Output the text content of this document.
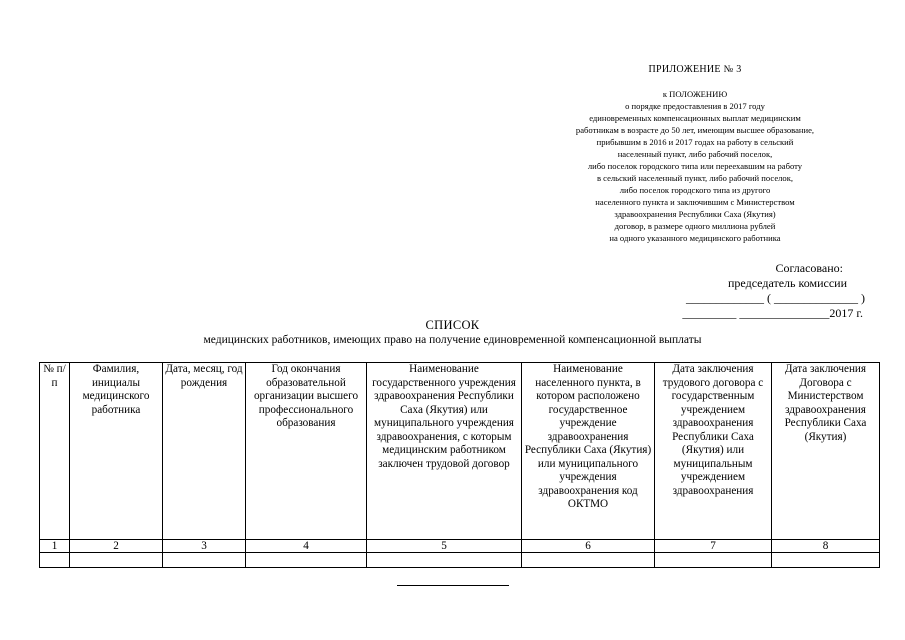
ПРИЛОЖЕНИЕ № 3
к ПОЛОЖЕНИЮ
о порядке предоставления в 2017 году
единовременных компенсационных выплат медицинским
работникам в возрасте до 50 лет, имеющим высшее образование,
прибывшим в 2016 и 2017 годах на работу в сельский
населенный пункт, либо рабочий поселок,
либо поселок городского типа или переехавшим на работу
в сельский населенный пункт, либо рабочий поселок,
либо поселок городского типа из другого
населенного пункта и заключившим с Министерством
здравоохранения Республики Саха (Якутия)
договор, в размере одного миллиона рублей
на одного указанного медицинского работника
Согласовано:
председатель комиссии
_____________ ( ______________ )
_________ _______________2017 г.
СПИСОК
медицинских работников, имеющих право на получение единовременной компенсационной выплаты
№ п/п	Фамилия, инициалы медицинского работника	Дата, месяц, год рождения	Год окончания образовательной организации высшего профессионального образования	Наименование государственного учреждения здравоохранения Республики Саха (Якутия) или муниципального учреждения здравоохранения, с которым медицинским работником заключен трудовой договор	Наименование населенного пункта, в котором расположено государственное учреждение здравоохранения Республики Саха (Якутия) или муниципального учреждения здравоохранения код ОКТМО	Дата заключения трудового договора с государственным учреждением здравоохранения Республики Саха (Якутия) или муниципальным учреждением здравоохранения	Дата заключения Договора с Министерством здравоохранения Республики Саха (Якутия)
1	2	3	4	5	6	7	8
